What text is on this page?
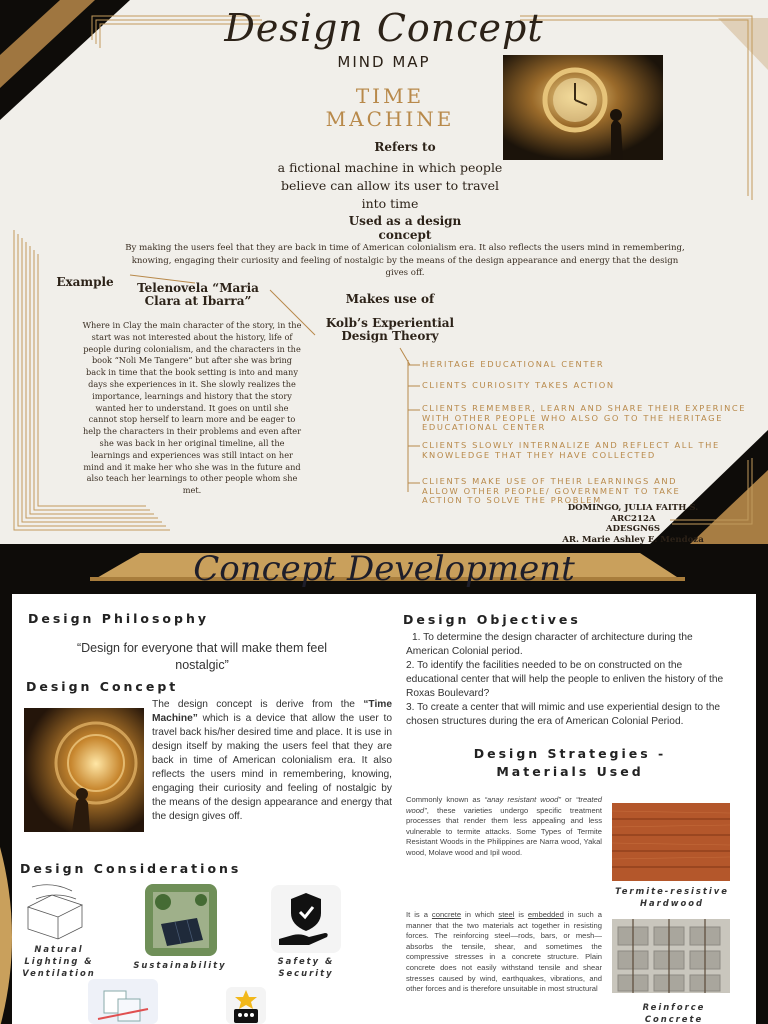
Design Concept
MIND MAP
TIME
MACHINE
Refers to
a fictional machine in which people believe can allow its user to travel into time
Used as a design concept
By making the users feel that they are back in time of American colonialism era. It also reflects the users mind in remembering, knowing, engaging their curiosity and feeling of nostalgic by the means of the design appearance and energy that the design gives off.
Example	Telenovela “Maria Clara at Ibarra”
Where in Clay the main character of the story, in the start was not interested about the history, life of people during colonialism, and the characters in the book “Noli Me Tangere” but after she was bring back in time that the book setting is into and many days she experiences in it. She slowly realizes the importance, learnings and history that the story wanted her to understand. It goes on until she cannot stop herself to learn more and be eager to help the characters in their problems and even after she was back in her original timeline, all the learnings and experiences was still intact on her mind and it make her who she was in the future and also teach her learnings to other people whom she met.
Makes use of
Kolb’s Experiential Design Theory
HERITAGE EDUCATIONAL CENTER
CLIENTS CURIOSITY TAKES ACTION
CLIENTS REMEMBER, LEARN AND SHARE THEIR EXPERINCE WITH OTHER PEOPLE WHO ALSO GO TO THE HERITAGE EDUCATIONAL CENTER
CLIENTS SLOWLY INTERNALIZE AND REFLECT ALL THE KNOWLEDGE THAT THEY HAVE COLLECTED
CLIENTS MAKE USE OF THEIR LEARNINGS AND ALLOW OTHER PEOPLE/ GOVERNMENT TO TAKE ACTION TO SOLVE THE PROBLEM
DOMINGO, JULIA FAITH S.
ARC212A
ADESGN6S
AR. Marie Ashley E. Mendoza
Concept Development
Design Philosophy
“Design for everyone that will make them feel nostalgic”
Design Concept
The design concept is derive from the “Time Machine” which is a device that allow the user to travel back his/her desired time and place. It is use in design itself by making the users feel that they are back in time of American colonialism era. It also reflects the users mind in remembering, knowing, engaging their curiosity and feeling of nostalgic by the means of the design appearance and energy that the design gives off.
Design Considerations
Natural Lighting & Ventilation
Sustainability	Safety & Security
Design Objectives
1. To determine the design character of architecture during the American Colonial period.
2. To identify the facilities needed to be on constructed on the educational center that will help the people to enliven the history of the Roxas Boulevard?
3. To create a center that will mimic and use experiential design to the chosen structures during the era of American Colonial Period.
Design Strategies -
Materials Used
Commonly known as “anay resistant wood” or “treated wood”, these varieties undergo specific treatment processes that render them less appealing and less vulnerable to termite attacks. Some Types of Termite Resistant Woods in the Philippines are Narra wood, Yakal wood, Molave wood and Ipil wood.
Termite-resistive Hardwood
It is a concrete in which steel is embedded in such a manner that the two materials act together in resisting forces. The reinforcing steel—rods, bars, or mesh—absorbs the tensile, shear, and sometimes the compressive stresses in a concrete structure. Plain concrete does not easily withstand tensile and shear stresses caused by wind, earthquakes, vibrations, and other forces and is therefore unsuitable in most structural
Reinforce Concrete
